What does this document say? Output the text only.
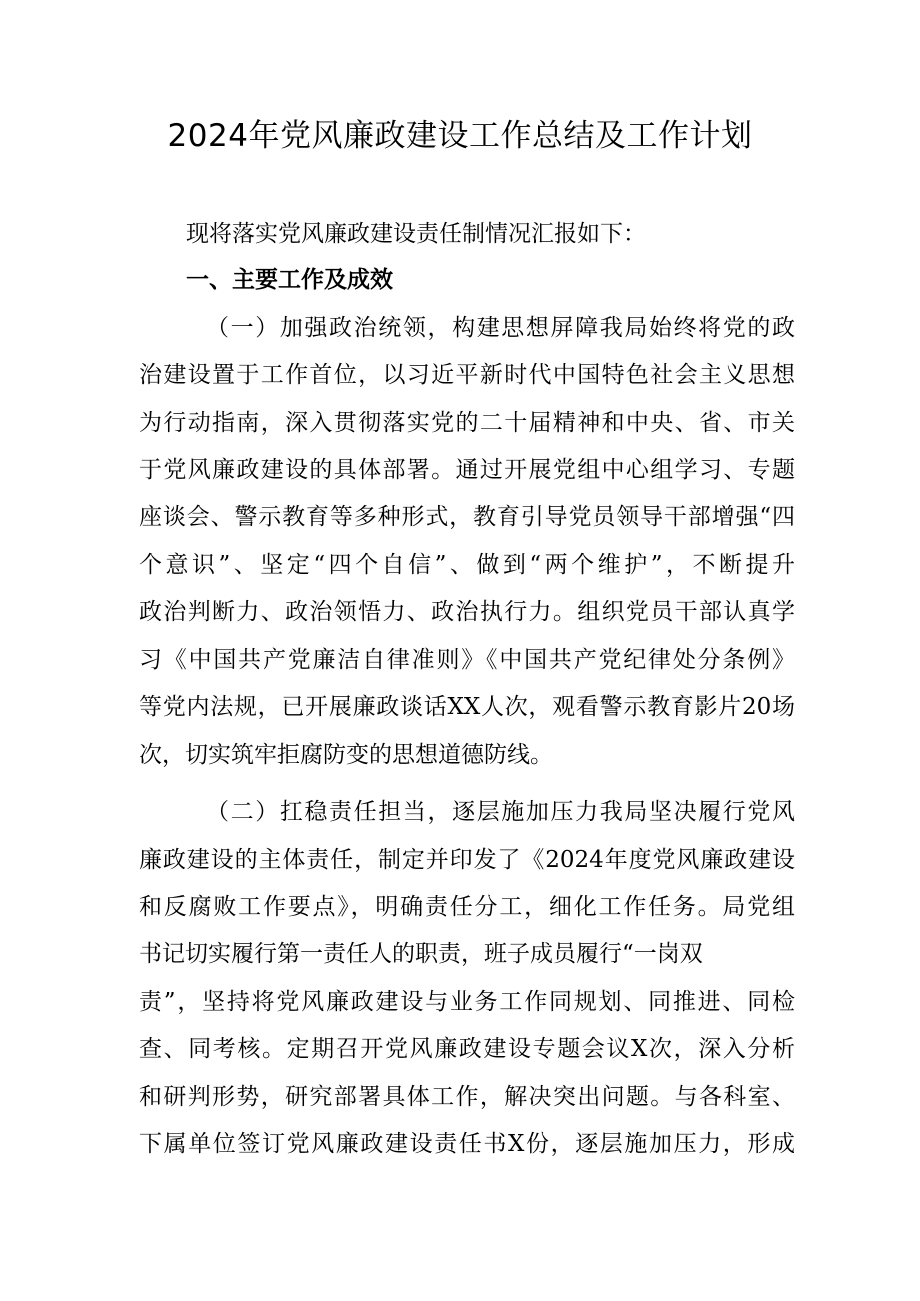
2024年党风廉政建设工作总结及工作计划
现将落实党风廉政建设责任制情况汇报如下：
一、主要工作及成效
（一）加强政治统领，构建思想屏障我局始终将党的政
治建设置于工作首位，以习近平新时代中国特色社会主义思想
为行动指南，深入贯彻落实党的二十届精神和中央、省、市关
于党风廉政建设的具体部署。通过开展党组中心组学习、专题
座谈会、警示教育等多种形式，教育引导党员领导干部增强“四
个意识”、坚定“四个自信”、做到“两个维护”，不断提升
政治判断力、政治领悟力、政治执行力。组织党员干部认真学
习《中国共产党廉洁自律准则》《中国共产党纪律处分条例》
等党内法规，已开展廉政谈话XX人次，观看警示教育影片20场
次，切实筑牢拒腐防变的思想道德防线。
（二）扛稳责任担当，逐层施加压力我局坚决履行党风
廉政建设的主体责任，制定并印发了《2024年度党风廉政建设
和反腐败工作要点》，明确责任分工，细化工作任务。局党组
书记切实履行第一责任人的职责，班子成员履行“一岗双
责”，坚持将党风廉政建设与业务工作同规划、同推进、同检
查、同考核。定期召开党风廉政建设专题会议X次，深入分析
和研判形势，研究部署具体工作，解决突出问题。与各科室、
下属单位签订党风廉政建设责任书X份，逐层施加压力，形成
